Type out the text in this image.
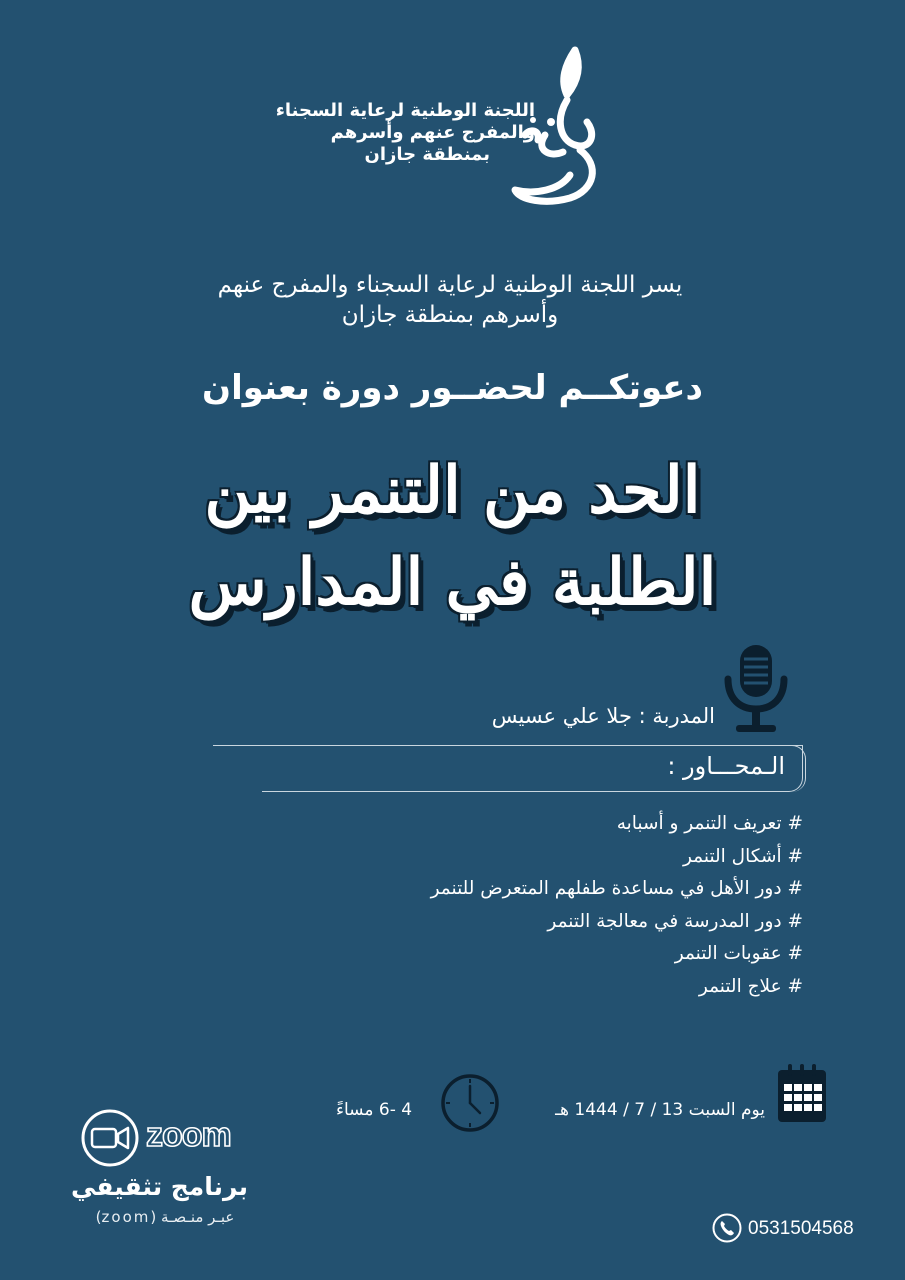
اللجنة الوطنية لرعاية السجناء
والمفرج عنهم وأسرهم
بمنطقة جازان
يسر اللجنة الوطنية لرعاية السجناء والمفرج عنهم
وأسرهم بمنطقة جازان
دعوتكــم لحضــور دورة بعنوان
الحد من التنمر بين
الطلبة في المدارس
المدربة : جلا علي عسيس
الـمحـــاور :
# تعريف التنمر و أسبابه
# أشكال التنمر
# دور الأهل في مساعدة طفلهم المتعرض للتنمر
# دور المدرسة في معالجة التنمر
# عقوبات التنمر
# علاج التنمر
يوم السبت 13 / 7 / 1444 هـ
4 -6 مساءً
zoom
برنامج تثقيفي
عبـر منـصـة (zoom)
0531504568
